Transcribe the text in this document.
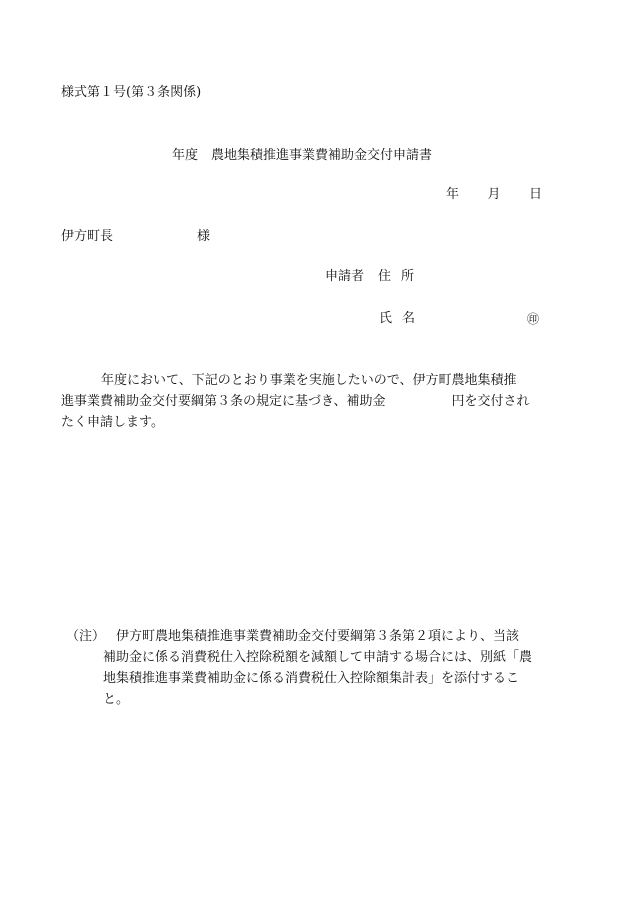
様式第１号(第３条関係)
年度　農地集積推進事業費補助金交付申請書
年 月 日
伊方町長	様
申請者 住所
氏名	㊞
年度において、下記のとおり事業を実施したいので、伊方町農地集積推
進事業費補助金交付要綱第３条の規定に基づき、補助金	円を交付され
たく申請します。
（注） 伊方町農地集積推進事業費補助金交付要綱第３条第２項により、当該
補助金に係る消費税仕入控除税額を減額して申請する場合には、別紙「農
地集積推進事業費補助金に係る消費税仕入控除額集計表」を添付するこ
と。
